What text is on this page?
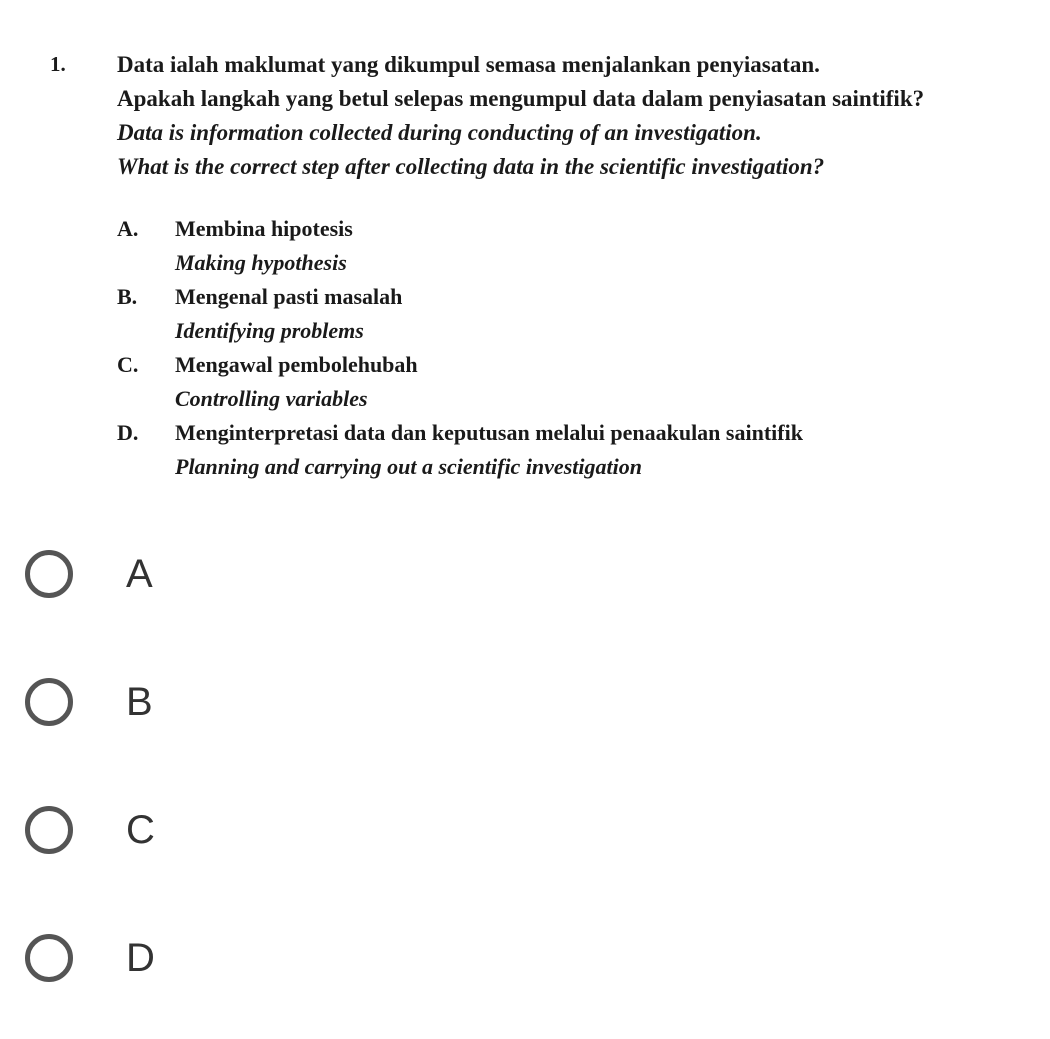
1. Data ialah maklumat yang dikumpul semasa menjalankan penyiasatan.
Apakah langkah yang betul selepas mengumpul data dalam penyiasatan saintifik?
Data is information collected during conducting of an investigation.
What is the correct step after collecting data in the scientific investigation?
A. Membina hipotesis
Making hypothesis
B. Mengenal pasti masalah
Identifying problems
C. Mengawal pembolehubah
Controlling variables
D. Menginterpretasi data dan keputusan melalui penaakulan saintifik
Planning and carrying out a scientific investigation
A
B
C
D
